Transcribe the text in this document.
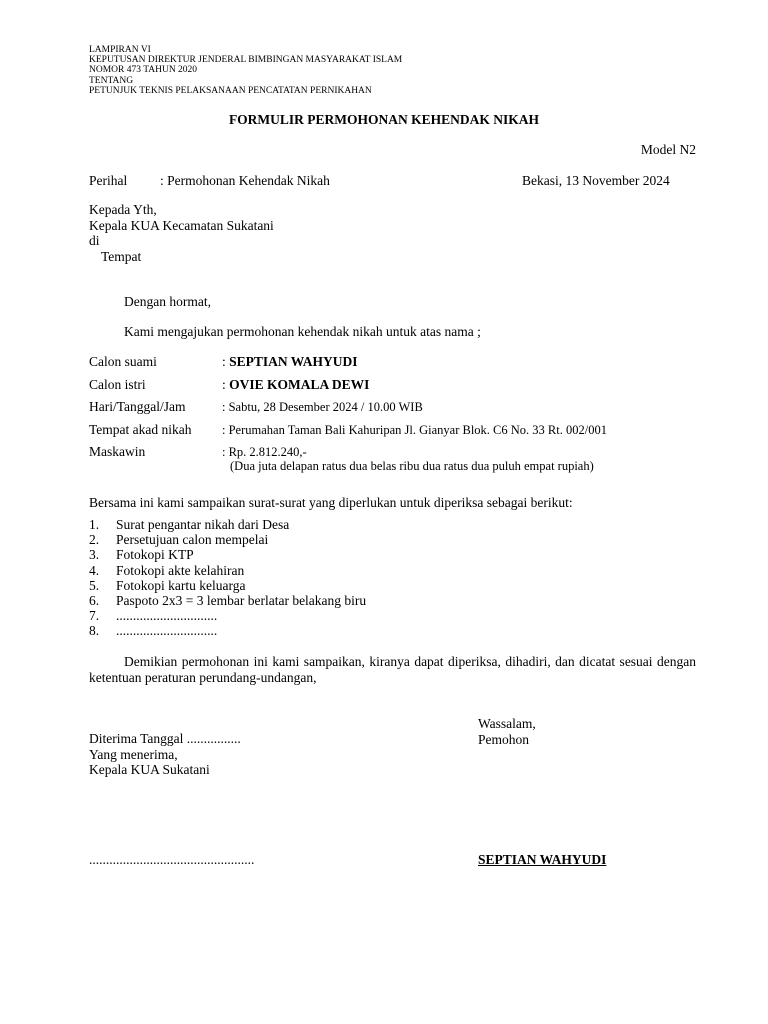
LAMPIRAN VI
KEPUTUSAN DIREKTUR JENDERAL BIMBINGAN MASYARAKAT ISLAM
NOMOR 473 TAHUN 2020
TENTANG
PETUNJUK TEKNIS PELAKSANAAN PENCATATAN PERNIKAHAN
FORMULIR PERMOHONAN KEHENDAK NIKAH
Model N2
Perihal : Permohonan Kehendak Nikah	Bekasi, 13 November 2024
Kepada Yth,
Kepala KUA Kecamatan Sukatani
di
Tempat
Dengan hormat,
Kami mengajukan permohonan kehendak nikah untuk atas nama ;
Calon suami	: SEPTIAN WAHYUDI
Calon istri	: OVIE KOMALA DEWI
Hari/Tanggal/Jam	: Sabtu, 28 Desember 2024 / 10.00 WIB
Tempat akad nikah : Perumahan Taman Bali Kahuripan Jl. Gianyar Blok. C6 No. 33 Rt. 002/001
Maskawin	: Rp. 2.812.240,-
(Dua juta delapan ratus dua belas ribu dua ratus dua puluh empat rupiah)
Bersama ini kami sampaikan surat-surat yang diperlukan untuk diperiksa sebagai berikut:
1. Surat pengantar nikah dari Desa
2. Persetujuan calon mempelai
3. Fotokopi KTP
4. Fotokopi akte kelahiran
5. Fotokopi kartu keluarga
6. Paspoto 2x3 = 3 lembar berlatar belakang biru
7. ..............................
8. ..............................

Demikian permohonan ini kami sampaikan, kiranya dapat diperiksa, dihadiri, dan dicatat sesuai dengan ketentuan peraturan perundang-undangan,

Wassalam,
Pemohon
Diterima Tanggal ................
Yang menerima,
Kepala KUA Sukatani
.................................................	SEPTIAN WAHYUDI
